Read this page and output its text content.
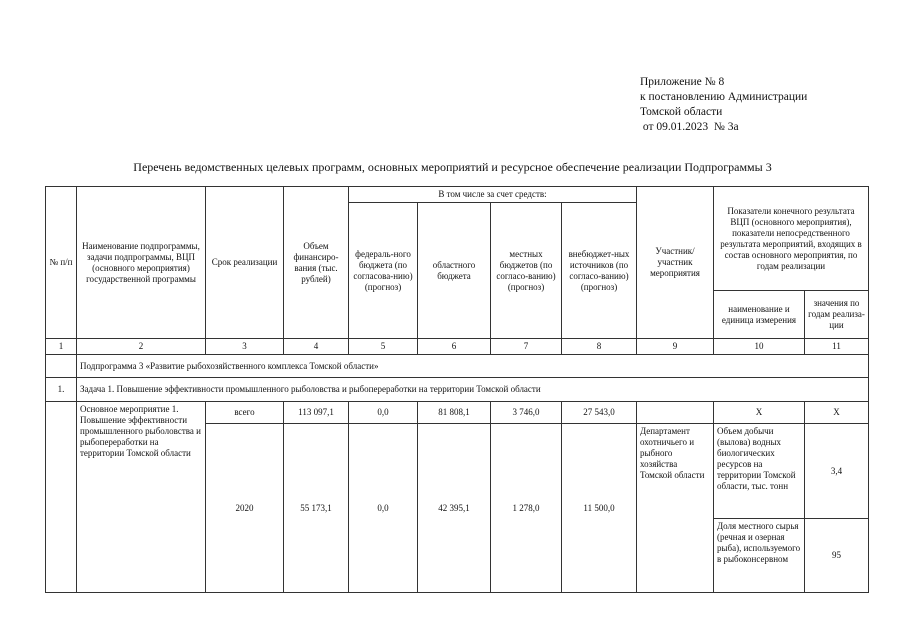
Приложение № 8
к постановлению Администрации
Томской области
от 09.01.2023  № 3а
Перечень ведомственных целевых программ, основных мероприятий и ресурсное обеспечение реализации Подпрограммы 3
№ п/п	Наименование подпрограммы, задачи подпрограммы, ВЦП (основного мероприятия) государственной программы	Срок реализации	Объем финансиро-вания (тыс. рублей)	В том числе за счет средств:				Участник/ участник мероприятия	Показатели конечного результата ВЦП (основного мероприятия), показатели непосредственного результата мероприятий, входящих в состав основного мероприятия, по годам реализации	
				федераль-ного бюджета (по согласова-нию) (прогноз)	областного бюджета	местных бюджетов (по согласо-ванию) (прогноз)	внебюджет-ных источников (по согласо-ванию) (прогноз)			
									наименование и единица измерения	значения по годам реализа-ции
1	2	3	4	5	6	7	8	9	10	11
	Подпрограмма 3 «Развитие рыбохозяйственного комплекса Томской области»									
1.	Задача 1. Повышение эффективности промышленного рыболовства и рыбопереработки на территории Томской области									
	Основное мероприятие 1. Повышение эффективности промышленного рыболовства и рыбопереработки на территории Томской области	всего	113 097,1	0,0	81 808,1	3 746,0	27 543,0		Х	Х
		2020	55 173,1	0,0	42 395,1	1 278,0	11 500,0	Департамент охотничьего и рыбного хозяйства Томской области	Объем добычи (вылова) водных биологических ресурсов на территории Томской области, тыс. тонн	3,4
									Доля местного сырья (речная и озерная рыба), используемого в рыбоконсервном	95
